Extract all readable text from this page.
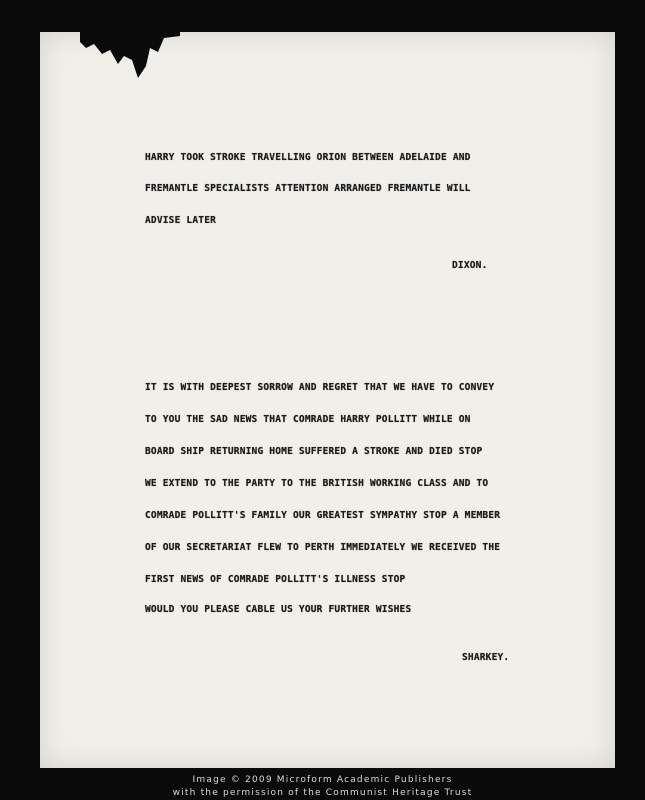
HARRY TOOK STROKE TRAVELLING ORION BETWEEN ADELAIDE AND

FREMANTLE SPECIALISTS ATTENTION ARRANGED FREMANTLE WILL

ADVISE LATER

DIXON.

IT IS WITH DEEPEST SORROW AND REGRET THAT WE HAVE TO CONVEY

TO YOU THE SAD NEWS THAT COMRADE HARRY POLLITT WHILE ON

BOARD SHIP RETURNING HOME SUFFERED A STROKE AND DIED STOP

WE EXTEND TO THE PARTY TO THE BRITISH WORKING CLASS AND TO

COMRADE POLLITT'S FAMILY OUR GREATEST SYMPATHY STOP A MEMBER

OF OUR SECRETARIAT FLEW TO PERTH IMMEDIATELY WE RECEIVED THE

FIRST NEWS OF COMRADE POLLITT'S ILLNESS STOP

WOULD YOU PLEASE CABLE US YOUR FURTHER WISHES

SHARKEY.

Image © 2009 Microform Academic Publishers
with the permission of the Communist Heritage Trust
